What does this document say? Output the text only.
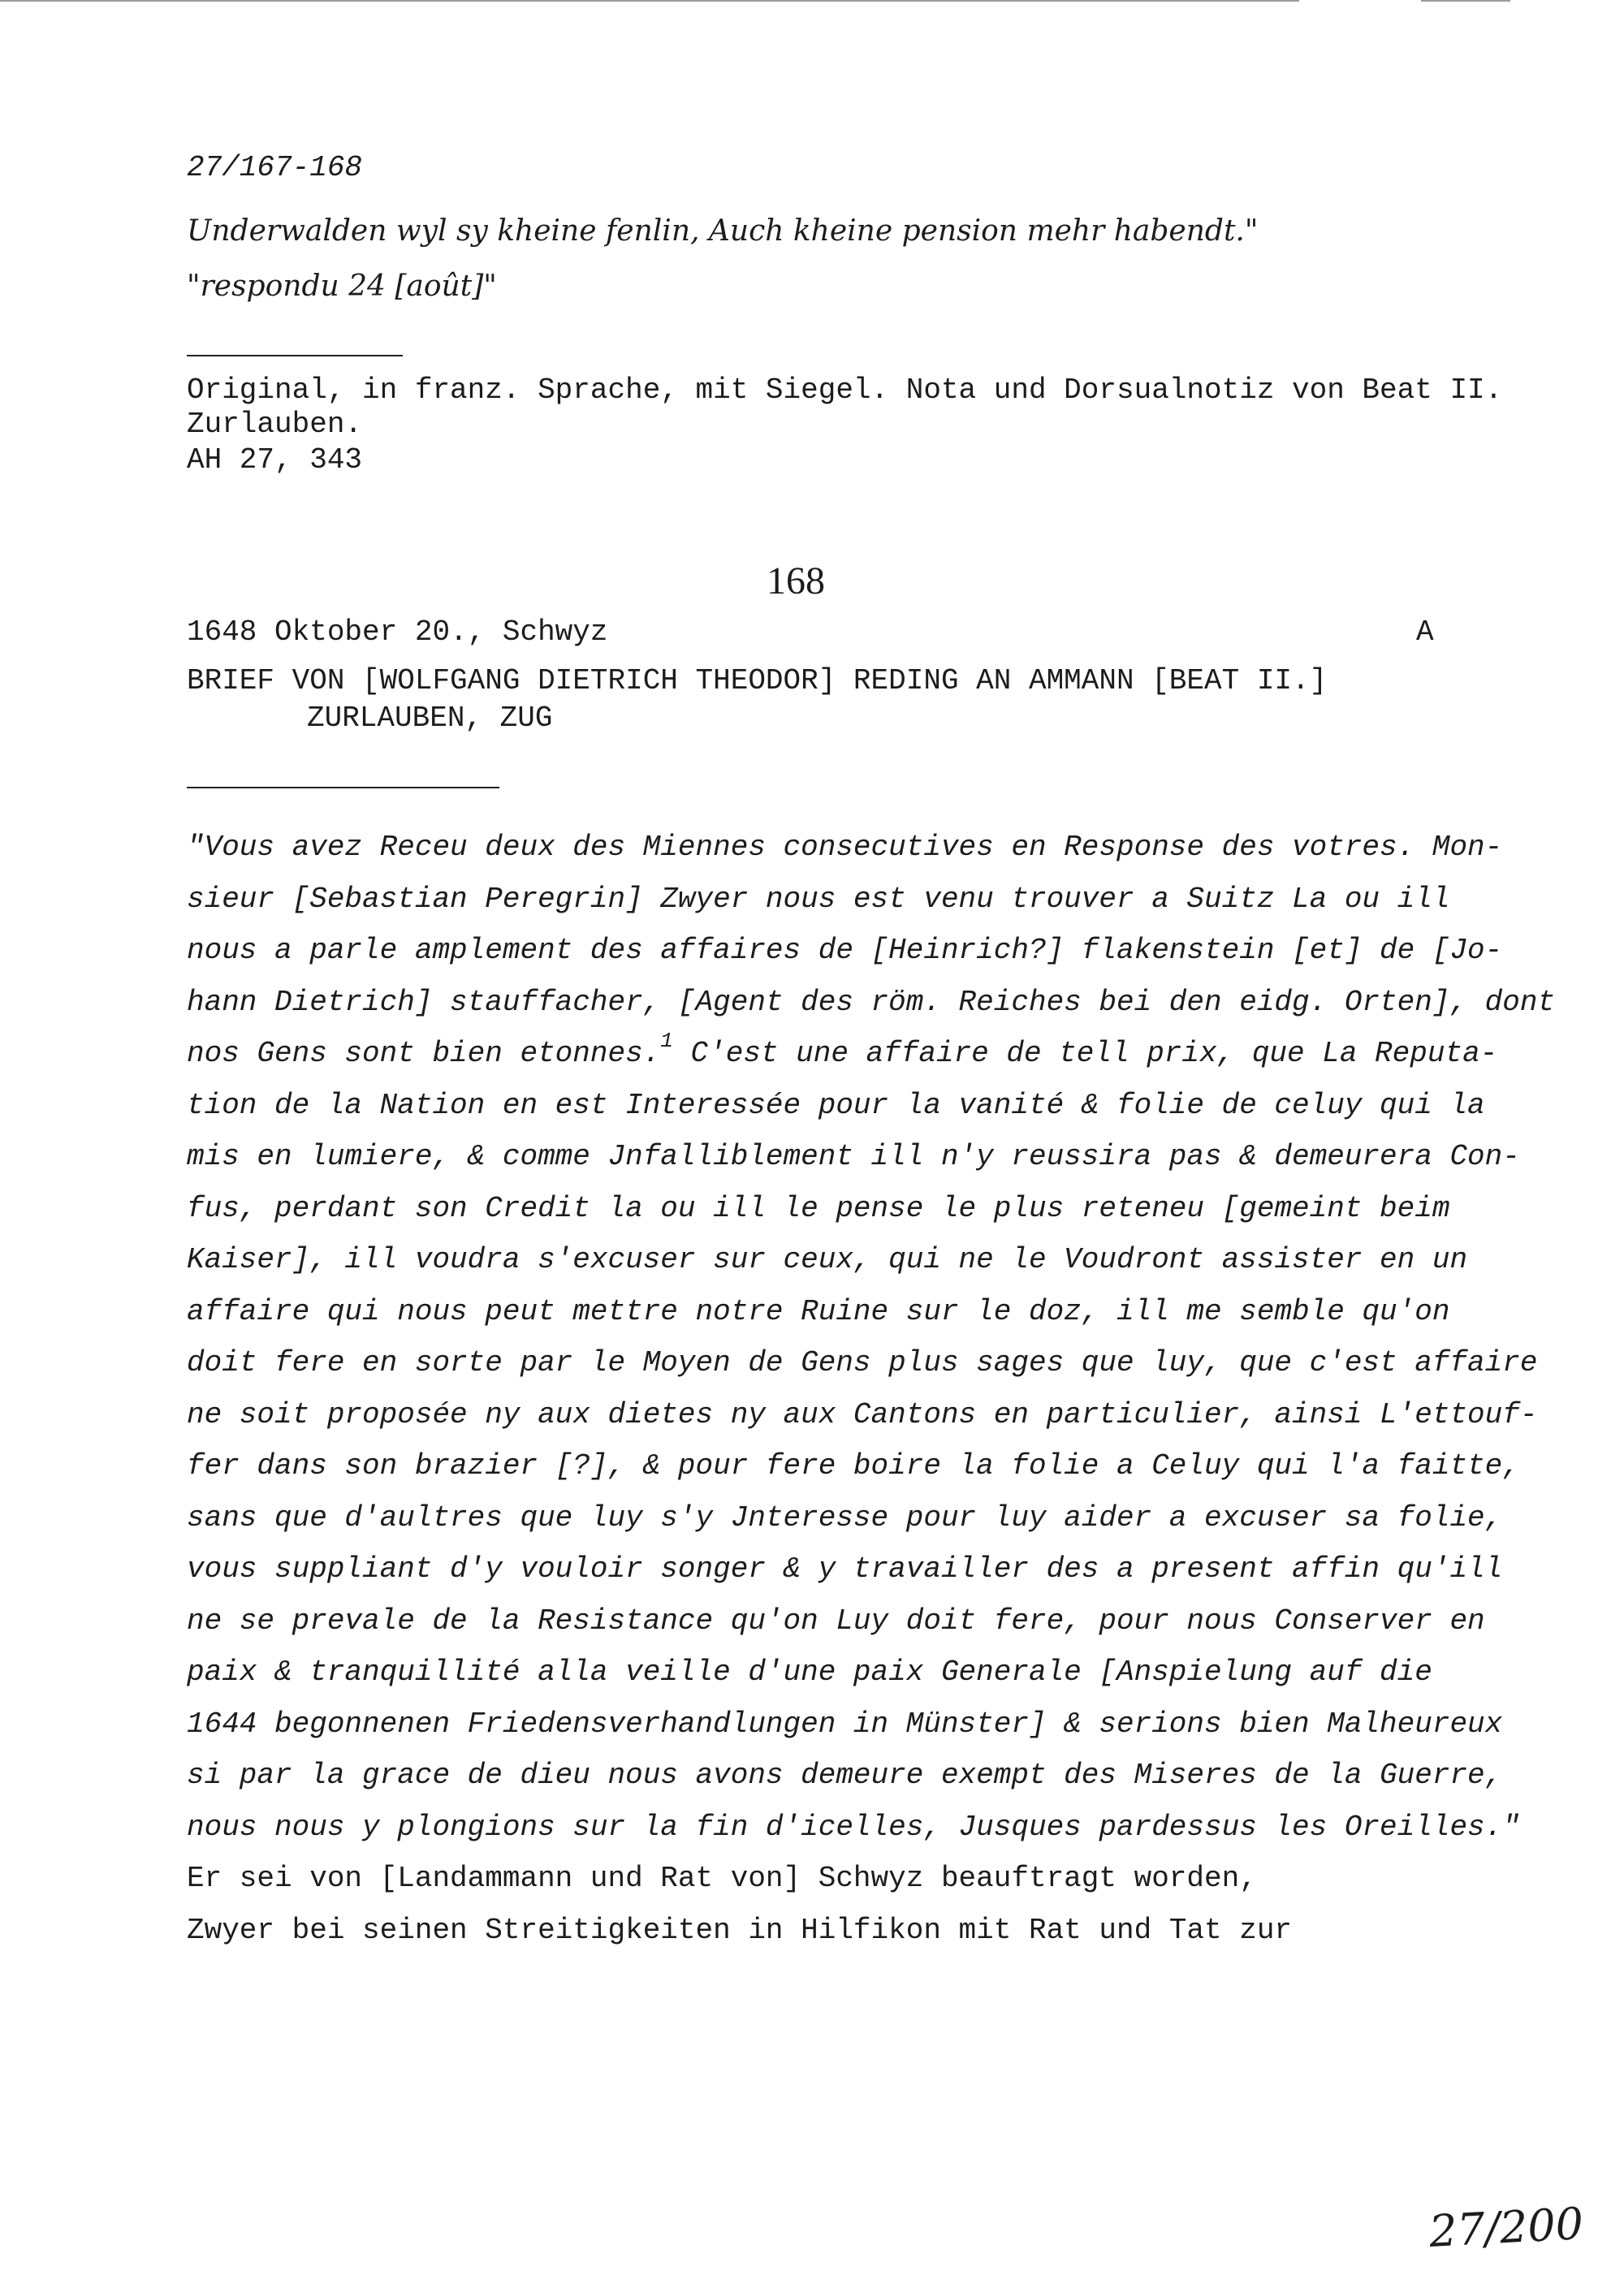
27/167-168
Underwalden wyl sy kheine fenlin, Auch kheine pension mehr habendt."
"respondu 24 [août]"
Original, in franz. Sprache, mit Siegel. Nota und Dorsualnotiz von Beat II.
Zurlauben.
AH 27, 343
168
1648 Oktober 20., Schwyz	A
BRIEF VON [WOLFGANG DIETRICH THEODOR] REDING AN AMMANN [BEAT II.]
ZURLAUBEN, ZUG
"Vous avez Receu deux des Miennes consecutives en Response des votres. Mon-
sieur [Sebastian Peregrin] Zwyer nous est venu trouver a Suitz La ou ill
nous a parle amplement des affaires de [Heinrich?] flakenstein [et] de [Jo-
hann Dietrich] stauffacher, [Agent des röm. Reiches bei den eidg. Orten], dont
nos Gens sont bien etonnes.$^1$ C'est une affaire de tell prix, que La Reputa-
tion de la Nation en est Interessée pour la vanité & folie de celuy qui la
mis en lumiere, & comme Jnfalliblement ill n'y reussira pas & demeurera Con-
fus, perdant son Credit la ou ill le pense le plus reteneu [gemeint beim
Kaiser], ill voudra s'excuser sur ceux, qui ne le Voudront assister en un
affaire qui nous peut mettre notre Ruine sur le doz, ill me semble qu'on
doit fere en sorte par le Moyen de Gens plus sages que luy, que c'est affaire
ne soit proposée ny aux dietes ny aux Cantons en particulier, ainsi L'ettouf-
fer dans son brazier [?], & pour fere boire la folie a Celuy qui l'a faitte,
sans que d'aultres que luy s'y Jnteresse pour luy aider a excuser sa folie,
vous suppliant d'y vouloir songer & y travailler des a present affin qu'ill
ne se prevale de la Resistance qu'on Luy doit fere, pour nous Conserver en
paix & tranquillité alla veille d'une paix Generale [Anspielung auf die
1644 begonnenen Friedensverhandlungen in Münster] & serions bien Malheureux
si par la grace de dieu nous avons demeure exempt des Miseres de la Guerre,
nous nous y plongions sur la fin d'icelles, Jusques pardessus les Oreilles."
Er sei von [Landammann und Rat von] Schwyz beauftragt worden,
Zwyer bei seinen Streitigkeiten in Hilfikon mit Rat und Tat zur
27/200
